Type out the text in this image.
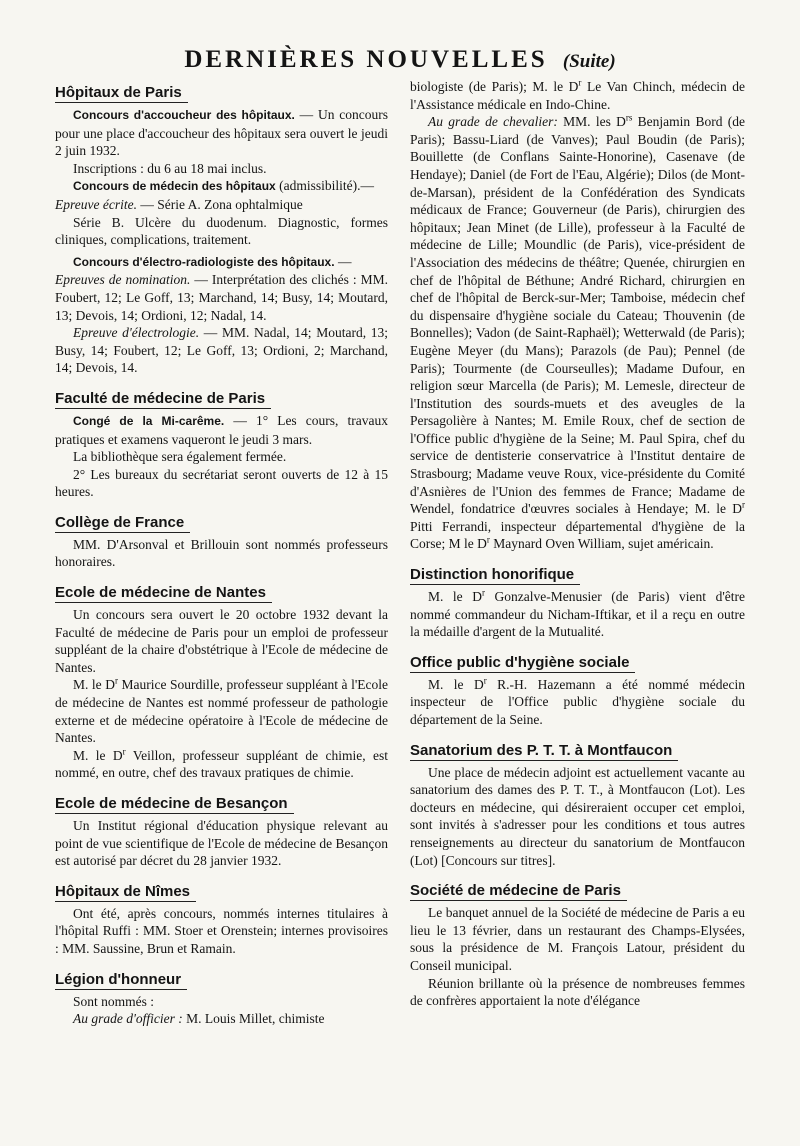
DERNIÈRES NOUVELLES (Suite)
Hôpitaux de Paris

Concours d'accoucheur des hôpitaux. — Un concours pour une place d'accoucheur des hôpitaux sera ouvert le jeudi 2 juin 1932.

Inscriptions : du 6 au 18 mai inclus.

Concours de médecin des hôpitaux (admissibilité).—
Epreuve écrite. — Série A. Zona ophtalmique

Série B. Ulcère du duodenum. Diagnostic, formes cliniques, complications, traitement.

Concours d'électro-radiologiste des hôpitaux. —
Epreuves de nomination. — Interprétation des clichés : MM. Foubert, 12; Le Goff, 13; Marchand, 14; Busy, 14; Moutard, 13; Devois, 14; Ordioni, 12; Nadal, 14.

Epreuve d'électrologie. — MM. Nadal, 14; Moutard, 13; Busy, 14; Foubert, 12; Le Goff, 13; Ordioni, 2; Marchand, 14; Devois, 14.

Faculté de médecine de Paris

Congé de la Mi-carême. — 1° Les cours, travaux pratiques et examens vaqueront le jeudi 3 mars.

La bibliothèque sera également fermée.

2° Les bureaux du secrétariat seront ouverts de 12 à 15 heures.

Collège de France

MM. D'Arsonval et Brillouin sont nommés professeurs honoraires.

Ecole de médecine de Nantes

Un concours sera ouvert le 20 octobre 1932 devant la Faculté de médecine de Paris pour un emploi de professeur suppléant de la chaire d'obstétrique à l'Ecole de médecine de Nantes.

M. le $D^r$ Maurice Sourdille, professeur suppléant à l'Ecole de médecine de Nantes est nommé professeur de pathologie externe et de médecine opératoire à l'Ecole de médecine de Nantes.

M. le $D^r$ Veillon, professeur suppléant de chimie, est nommé, en outre, chef des travaux pratiques de chimie.

Ecole de médecine de Besançon

Un Institut régional d'éducation physique relevant au point de vue scientifique de l'Ecole de médecine de Besançon est autorisé par décret du 28 janvier 1932.

Hôpitaux de Nîmes

Ont été, après concours, nommés internes titulaires à l'hôpital Ruffi : MM. Stoer et Orenstein; internes provisoires : MM. Saussine, Brun et Ramain.

Légion d'honneur

Sont nommés :

Au grade d'officier : M. Louis Millet, chimiste

biologiste (de Paris); M. le $D^r$ Le Van Chinch, médecin de l'Assistance médicale en Indo-Chine.

Au grade de chevalier: MM. les $D^{rs}$ Benjamin Bord (de Paris); Bassu-Liard (de Vanves); Paul Boudin (de Paris); Bouillette (de Conflans Sainte-Honorine), Casenave (de Hendaye); Daniel (de Fort de l'Eau, Algérie); Dilos (de Mont-de-Marsan), président de la Confédération des Syndicats médicaux de France; Gouverneur (de Paris), chirurgien des hôpitaux; Jean Minet (de Lille), professeur à la Faculté de médecine de Lille; Moundlic (de Paris), vice-président de l'Association des médecins de théâtre; Quenée, chirurgien en chef de l'hôpital de Béthune; André Richard, chirurgien en chef de l'hôpital de Berck-sur-Mer; Tamboise, médecin chef du dispensaire d'hygiène sociale du Cateau; Thouvenin (de Bonnelles); Vadon (de Saint-Raphaël); Wetterwald (de Paris); Eugène Meyer (du Mans); Parazols (de Pau); Pennel (de Paris); Tourmente (de Courseulles); Madame Dufour, en religion sœur Marcella (de Paris); M. Lemesle, directeur de l'Institution des sourds-muets et des aveugles de la Persagolière à Nantes; M. Emile Roux, chef de section de l'Office public d'hygiène de la Seine; M. Paul Spira, chef du service de dentisterie conservatrice à l'Institut dentaire de Strasbourg; Madame veuve Roux, vice-présidente du Comité d'Asnières de l'Union des femmes de France; Madame de Wendel, fondatrice d'œuvres sociales à Hendaye; M. le $D^r$ Pitti Ferrandi, inspecteur départemental d'hygiène de la Corse; M le $D^r$ Maynard Oven William, sujet américain.

Distinction honorifique

M. le $D^r$ Gonzalve-Menusier (de Paris) vient d'être nommé commandeur du Nicham-Iftikar, et il a reçu en outre la médaille d'argent de la Mutualité.

Office public d'hygiène sociale

M. le $D^r$ R.-H. Hazemann a été nommé médecin inspecteur de l'Office public d'hygiène sociale du département de la Seine.

Sanatorium des P. T. T. à Montfaucon

Une place de médecin adjoint est actuellement vacante au sanatorium des dames des P. T. T., à Montfaucon (Lot). Les docteurs en médecine, qui désireraient occuper cet emploi, sont invités à s'adresser pour les conditions et tous autres renseignements au directeur du sanatorium de Montfaucon (Lot) [Concours sur titres].

Société de médecine de Paris

Le banquet annuel de la Société de médecine de Paris a eu lieu le 13 février, dans un restaurant des Champs-Elysées, sous la présidence de M. François Latour, président du Conseil municipal.

Réunion brillante où la présence de nombreuses femmes de confrères apportaient la note d'élégance
